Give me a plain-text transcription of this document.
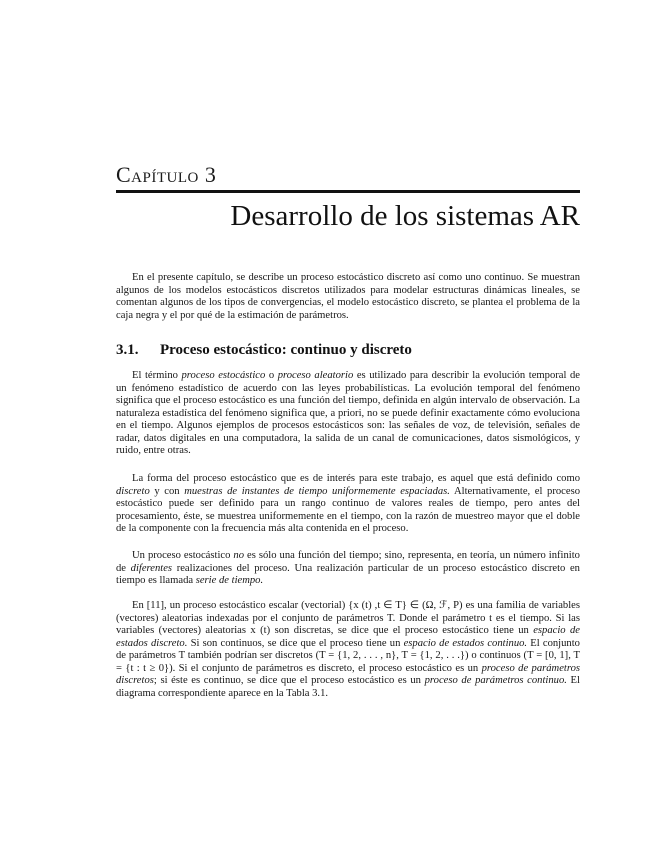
Capítulo 3
Desarrollo de los sistemas AR

En el presente capítulo, se describe un proceso estocástico discreto así como uno continuo. Se muestran algunos de los modelos estocásticos discretos utilizados para modelar estructuras dinámicas lineales, se comentan algunos de los tipos de convergencias, el modelo estocástico discreto, se plantea el problema de la caja negra y el por qué de la estimación de parámetros.

3.1. Proceso estocástico: continuo y discreto

El término proceso estocástico o proceso aleatorio es utilizado para describir la evolución temporal de un fenómeno estadístico de acuerdo con las leyes probabilísticas. La evolución temporal del fenómeno significa que el proceso estocástico es una función del tiempo, definida en algún intervalo de observación. La naturaleza estadística del fenómeno significa que, a priori, no se puede definir exactamente cómo evoluciona en el tiempo. Algunos ejemplos de procesos estocásticos son: las señales de voz, de televisión, señales de radar, datos digitales en una computadora, la salida de un canal de comunicaciones, datos sismológicos, y ruido, entre otras.

La forma del proceso estocástico que es de interés para este trabajo, es aquel que está definido como discreto y con muestras de instantes de tiempo uniformemente espaciadas. Alternativamente, el proceso estocástico puede ser definido para un rango continuo de valores reales de tiempo, pero antes del procesamiento, éste, se muestrea uniformemente en el tiempo, con la razón de muestreo mayor que el doble de la componente con la frecuencia más alta contenida en el proceso.

Un proceso estocástico no es sólo una función del tiempo; sino, representa, en teoría, un número infinito de diferentes realizaciones del proceso. Una realización particular de un proceso estocástico discreto en tiempo es llamada serie de tiempo.

En [11], un proceso estocástico escalar (vectorial) {x (t) ,t ∈ T} ∈ (Ω, ℱ, P) es una familia de variables (vectores) aleatorias indexadas por el conjunto de parámetros T. Donde el parámetro t es el tiempo. Si las variables (vectores) aleatorias x (t) son discretas, se dice que el proceso estocástico tiene un espacio de estados discreto. Si son continuos, se dice que el proceso tiene un espacio de estados continuo. El conjunto de parámetros T también podrían ser discretos (T = {1, 2, . . . , n}, T = {1, 2, . . .}) o continuos (T = [0, 1], T = {t : t ≥ 0}). Si el conjunto de parámetros es discreto, el proceso estocástico es un proceso de parámetros discretos; si éste es continuo, se dice que el proceso estocástico es un proceso de parámetros continuo. El diagrama correspondiente aparece en la Tabla 3.1.
